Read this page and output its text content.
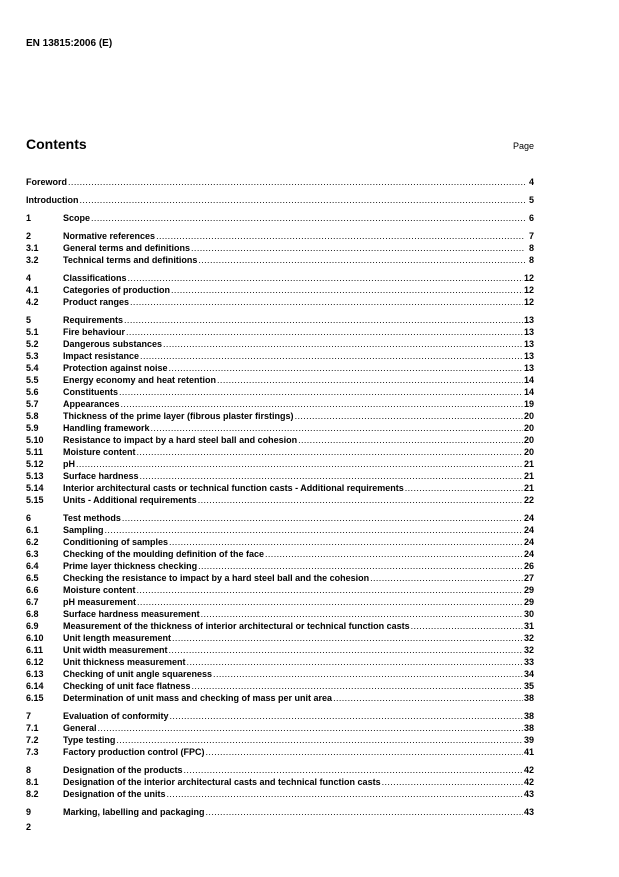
EN 13815:2006 (E)
Contents	Page
Foreword .....	4
Introduction .....	5
1	Scope .....	6
2	Normative references .....	7
3.1	General terms and definitions .....	8
3.2	Technical terms and definitions .....	8
4	Classifications .....	12
4.1	Categories of production .....	12
4.2	Product ranges .....	12
5	Requirements .....	13
5.1	Fire behaviour .....	13
5.2	Dangerous substances .....	13
5.3	Impact resistance .....	13
5.4	Protection against noise .....	13
5.5	Energy economy and heat retention .....	14
5.6	Constituents .....	14
5.7	Appearances .....	19
5.8	Thickness of the prime layer (fibrous plaster firstings) .....	20
5.9	Handling framework .....	20
5.10	Resistance to impact by a hard steel ball and cohesion .....	20
5.11	Moisture content .....	20
5.12	pH .....	21
5.13	Surface hardness .....	21
5.14	Interior architectural casts or technical function casts - Additional requirements .....	21
5.15	Units - Additional requirements .....	22
6	Test methods .....	24
6.1	Sampling .....	24
6.2	Conditioning of samples .....	24
6.3	Checking of the moulding definition of the face .....	24
6.4	Prime layer thickness checking .....	26
6.5	Checking the resistance to impact by a hard steel ball and the cohesion .....	27
6.6	Moisture content .....	29
6.7	pH measurement .....	29
6.8	Surface hardness measurement .....	30
6.9	Measurement of the thickness of interior architectural or technical function casts .....	31
6.10	Unit length measurement .....	32
6.11	Unit width measurement .....	32
6.12	Unit thickness measurement .....	33
6.13	Checking of unit angle squareness .....	34
6.14	Checking of unit face flatness .....	35
6.15	Determination of unit mass and checking of mass per unit area .....	38
7	Evaluation of conformity .....	38
7.1	General .....	38
7.2	Type testing .....	39
7.3	Factory production control (FPC) .....	41
8	Designation of the products .....	42
8.1	Designation of the interior architectural casts and technical function casts .....	42
8.2	Designation of the units .....	43
9	Marking, labelling and packaging .....	43
2
